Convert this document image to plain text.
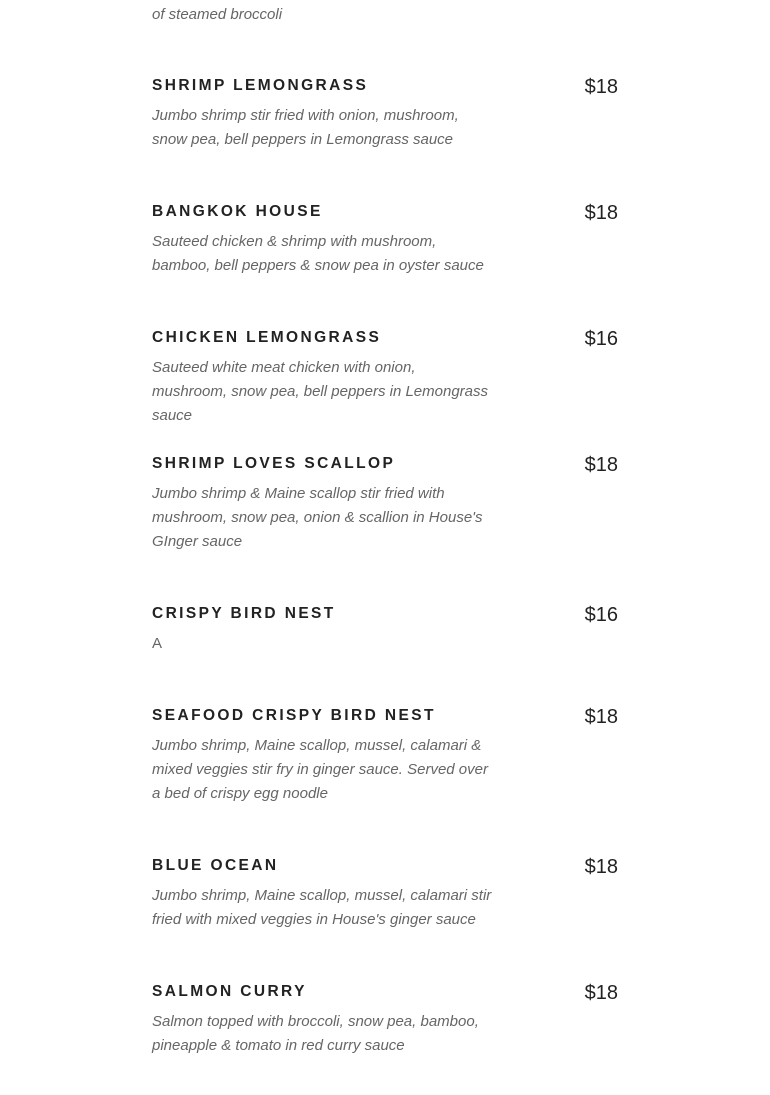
of steamed broccoli

SHRIMP LEMONGRASS	$18

Jumbo shrimp stir fried with onion, mushroom, snow pea, bell peppers in Lemongrass sauce

BANGKOK HOUSE	$18

Sauteed chicken & shrimp with mushroom, bamboo, bell peppers & snow pea in oyster sauce

CHICKEN LEMONGRASS	$16

Sauteed white meat chicken with onion, mushroom, snow pea, bell peppers in Lemongrass sauce

SHRIMP LOVES SCALLOP	$18

Jumbo shrimp & Maine scallop stir fried with mushroom, snow pea, onion & scallion in House's GInger sauce

CRISPY BIRD NEST	$16

A

SEAFOOD CRISPY BIRD NEST	$18

Jumbo shrimp, Maine scallop, mussel, calamari & mixed veggies stir fry in ginger sauce. Served over a bed of crispy egg noodle

BLUE OCEAN	$18

Jumbo shrimp, Maine scallop, mussel, calamari stir fried with mixed veggies in House's ginger sauce

SALMON CURRY	$18

Salmon topped with broccoli, snow pea, bamboo, pineapple & tomato in red curry sauce
